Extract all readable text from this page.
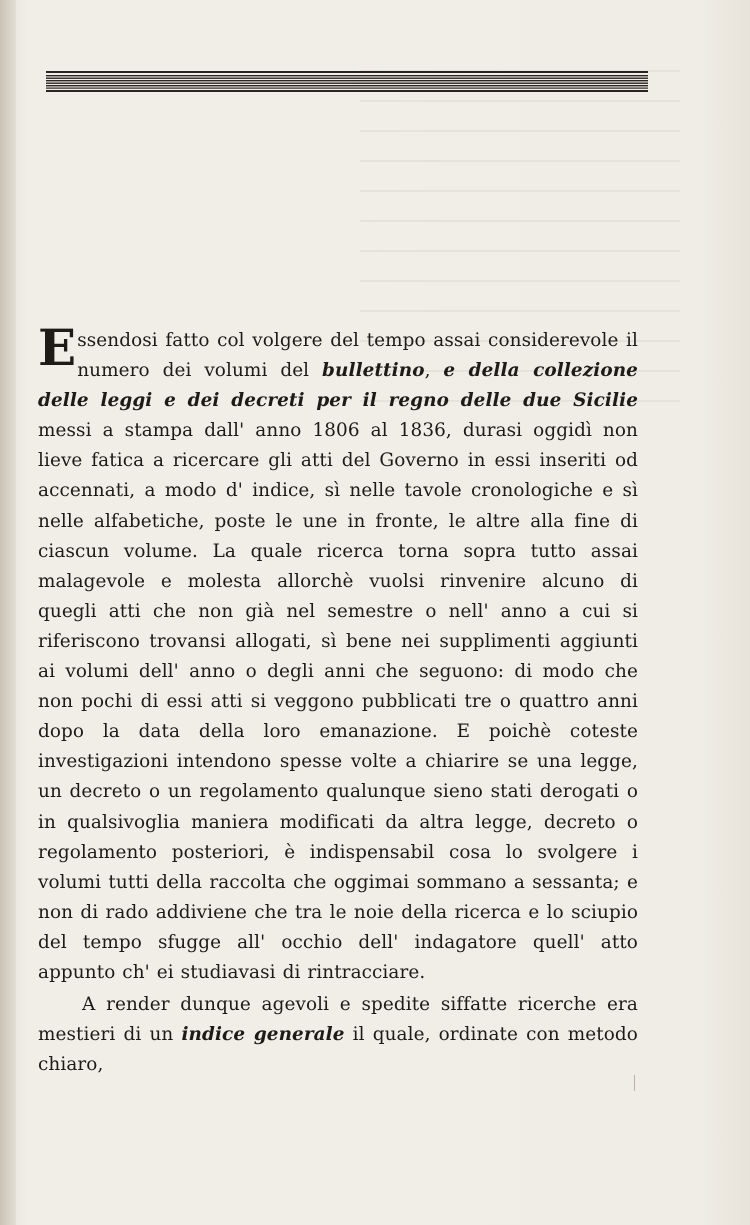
Essendosi fatto col volgere del tempo assai considerevole il numero dei volumi del bullettino, e della collezione delle leggi e dei decreti per il regno delle due Sicilie messi a stampa dall' anno 1806 al 1836, durasi oggidì non lieve fatica a ricercare gli atti del Governo in essi inseriti od accennati, a modo d' indice, sì nelle tavole cronologiche e sì nelle alfabetiche, poste le une in fronte, le altre alla fine di ciascun volume. La quale ricerca torna sopra tutto assai malagevole e molesta allorchè vuolsi rinvenire alcuno di quegli atti che non già nel semestre o nell' anno a cui si riferiscono trovansi allogati, sì bene nei supplimenti aggiunti ai volumi dell' anno o degli anni che seguono: di modo che non pochi di essi atti si veggono pubblicati tre o quattro anni dopo la data della loro emanazione. E poichè coteste investigazioni intendono spesse volte a chiarire se una legge, un decreto o un regolamento qualunque sieno stati derogati o in qualsivoglia maniera modificati da altra legge, decreto o regolamento posteriori, è indispensabil cosa lo svolgere i volumi tutti della raccolta che oggimai sommano a sessanta; e non di rado addiviene che tra le noie della ricerca e lo sciupio del tempo sfugge all' occhio dell' indagatore quell' atto appunto ch' ei studiavasi di rintracciare.

A render dunque agevoli e spedite siffatte ricerche era mestieri di un indice generale il quale, ordinate con metodo chiaro,
